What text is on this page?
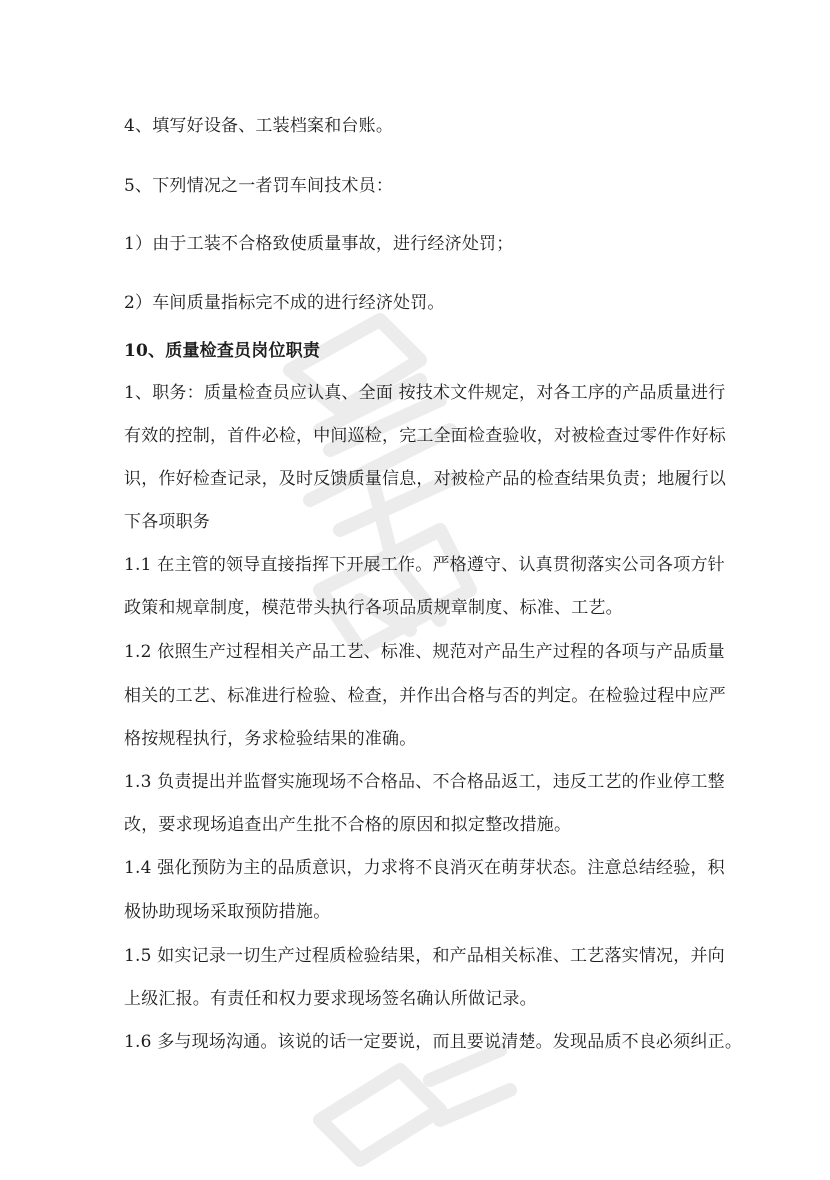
4、填写好设备、工装档案和台账。
5、下列情况之一者罚车间技术员：
1）由于工装不合格致使质量事故，进行经济处罚；
2）车间质量指标完不成的进行经济处罚。
10、质量检查员岗位职责
1、职务：质量检查员应认真、全面 按技术文件规定，对各工序的产品质量进行
有效的控制，首件必检，中间巡检，完工全面检查验收，对被检查过零件作好标
识，作好检查记录，及时反馈质量信息，对被检产品的检查结果负责；地履行以
下各项职务
1.1 在主管的领导直接指挥下开展工作。严格遵守、认真贯彻落实公司各项方针
政策和规章制度，模范带头执行各项品质规章制度、标准、工艺。
1.2 依照生产过程相关产品工艺、标准、规范对产品生产过程的各项与产品质量
相关的工艺、标准进行检验、检查，并作出合格与否的判定。在检验过程中应严
格按规程执行，务求检验结果的准确。
1.3 负责提出并监督实施现场不合格品、不合格品返工，违反工艺的作业停工整
改，要求现场追查出产生批不合格的原因和拟定整改措施。
1.4 强化预防为主的品质意识，力求将不良消灭在萌芽状态。注意总结经验，积
极协助现场采取预防措施。
1.5 如实记录一切生产过程质检验结果，和产品相关标准、工艺落实情况，并向
上级汇报。有责任和权力要求现场签名确认所做记录。
1.6 多与现场沟通。该说的话一定要说，而且要说清楚。发现品质不良必须纠正。
